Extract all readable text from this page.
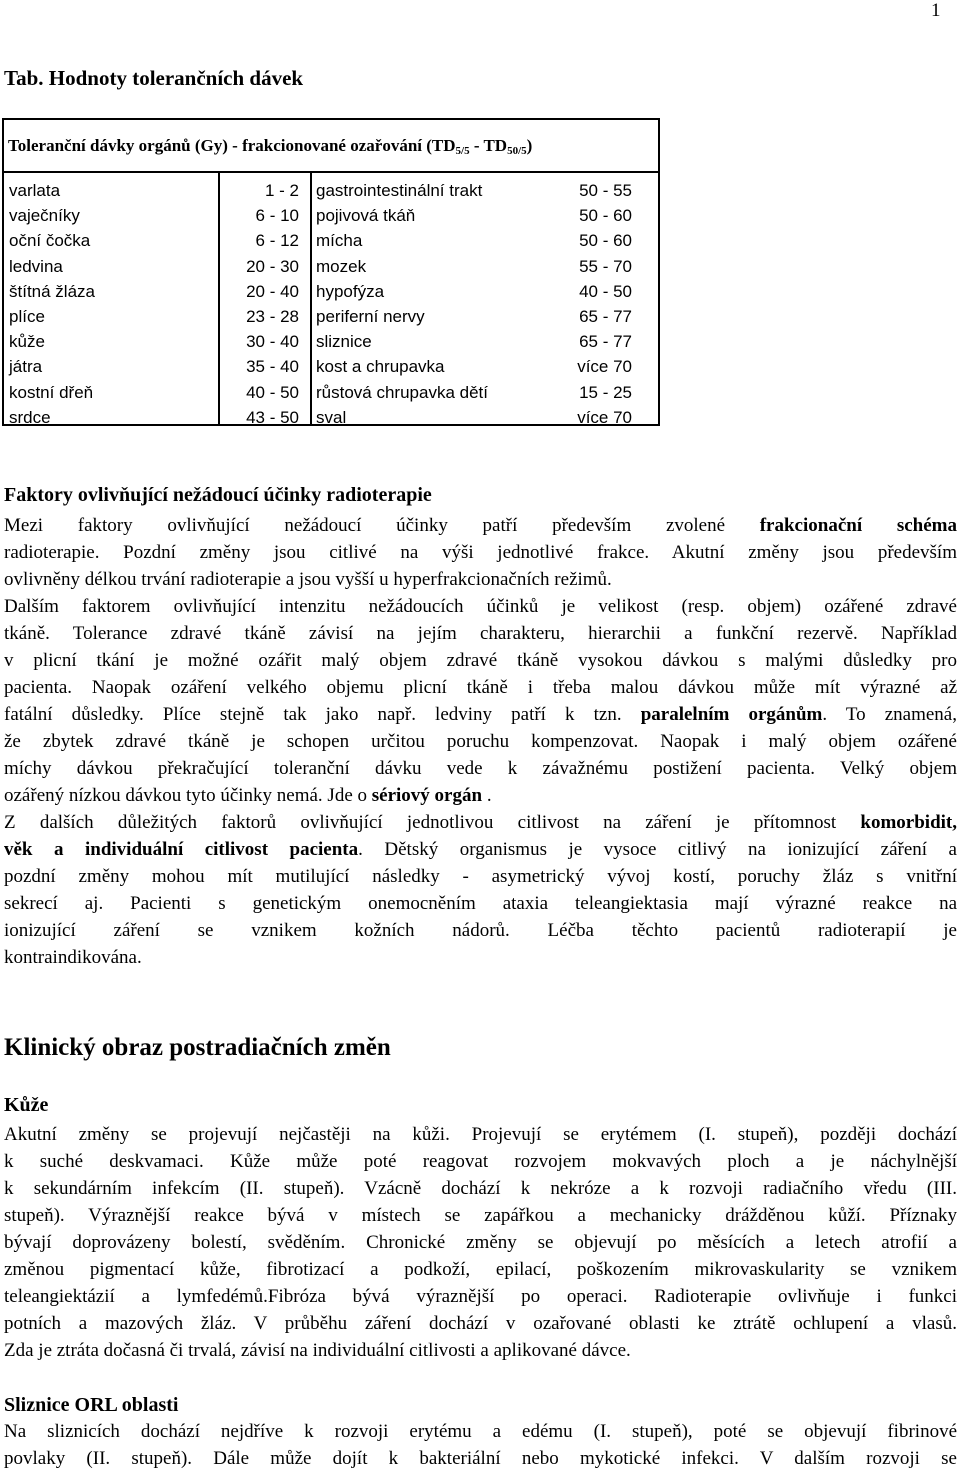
1
Tab. Hodnoty tolerančních dávek
Toleranční dávky orgánů (Gy) - frakcionované ozařování $(TD_{5/5} - TD_{50/5})$
varlata	1 - 2 gastrointestinální trakt	50 - 55
vaječníky	6 - 10 pojivová tkáň	50 - 60
oční čočka	6 - 12 mícha	50 - 60
ledvina	20 - 30 mozek	55 - 70
štítná žláza	20 - 40 hypofýza	40 - 50
plíce	23 - 28 periferní nervy	65 - 77
kůže	30 - 40 sliznice	65 - 77
játra	35 - 40 kost a chrupavka	více 70
kostní dřeň	40 - 50 růstová chrupavka dětí	15 - 25
srdce	43 - 50 sval	více 70
Faktory ovlivňující nežádoucí účinky radioterapie
Mezi faktory ovlivňující nežádoucí účinky patří především zvolené frakcionační schéma
radioterapie. Pozdní změny jsou citlivé na výši jednotlivé frakce. Akutní změny jsou především
ovlivněny délkou trvání radioterapie a jsou vyšší u hyperfrakcionačních režimů.
Dalším faktorem ovlivňující intenzitu nežádoucích účinků je velikost (resp. objem) ozářené zdravé
tkáně. Tolerance zdravé tkáně závisí na jejím charakteru, hierarchii a funkční rezervě. Například
v plicní tkání je možné ozářit malý objem zdravé tkáně vysokou dávkou s malými důsledky pro
pacienta. Naopak ozáření velkého objemu plicní tkáně i třeba malou dávkou může mít výrazné až
fatální důsledky. Plíce stejně tak jako např. ledviny patří k tzn. paralelním orgánům. To znamená,
že zbytek zdravé tkáně je schopen určitou poruchu kompenzovat. Naopak i malý objem ozářené
míchy dávkou překračující toleranční dávku vede k závažnému postižení pacienta. Velký objem
ozářený nízkou dávkou tyto účinky nemá. Jde o sériový orgán .
Z dalších důležitých faktorů ovlivňující jednotlivou citlivost na záření je přítomnost komorbidit,
věk a individuální citlivost pacienta. Dětský organismus je vysoce citlivý na ionizující záření a
pozdní změny mohou mít mutilující následky - asymetrický vývoj kostí, poruchy žláz s vnitřní
sekrecí aj. Pacienti s genetickým onemocněním ataxia teleangiektasia mají výrazné reakce na
ionizující záření se vznikem kožních nádorů. Léčba těchto pacientů radioterapií je
kontraindikována.
Klinický obraz postradiačních změn
Kůže
Akutní změny se projevují nejčastěji na kůži. Projevují se erytémem (I. stupeň), později dochází
k suché deskvamaci. Kůže může poté reagovat rozvojem mokvavých ploch a je náchylnější
k sekundárním infekcím (II. stupeň). Vzácně dochází k nekróze a k rozvoji radiačního vředu (III.
stupeň). Výraznější reakce bývá v místech se zapářkou a mechanicky drážděnou kůží. Příznaky
bývají doprovázeny bolestí, svěděním. Chronické změny se objevují po měsících a letech atrofií a
změnou pigmentací kůže, fibrotizací a podkoží, epilací, poškozením mikrovaskularity se vznikem
teleangiektázií a lymfedémů.Fibróza bývá výraznější po operaci. Radioterapie ovlivňuje i funkci
potních a mazových žláz. V průběhu záření dochází v ozařované oblasti ke ztrátě ochlupení a vlasů.
Zda je ztráta dočasná či trvalá, závisí na individuální citlivosti a aplikované dávce.
Sliznice ORL oblasti
Na sliznicích dochází nejdříve k rozvoji erytému a edému (I. stupeň), poté se objevují fibrinové
povlaky (II. stupeň). Dále může dojít k bakteriální nebo mykotické infekci. V dalším rozvoji se
